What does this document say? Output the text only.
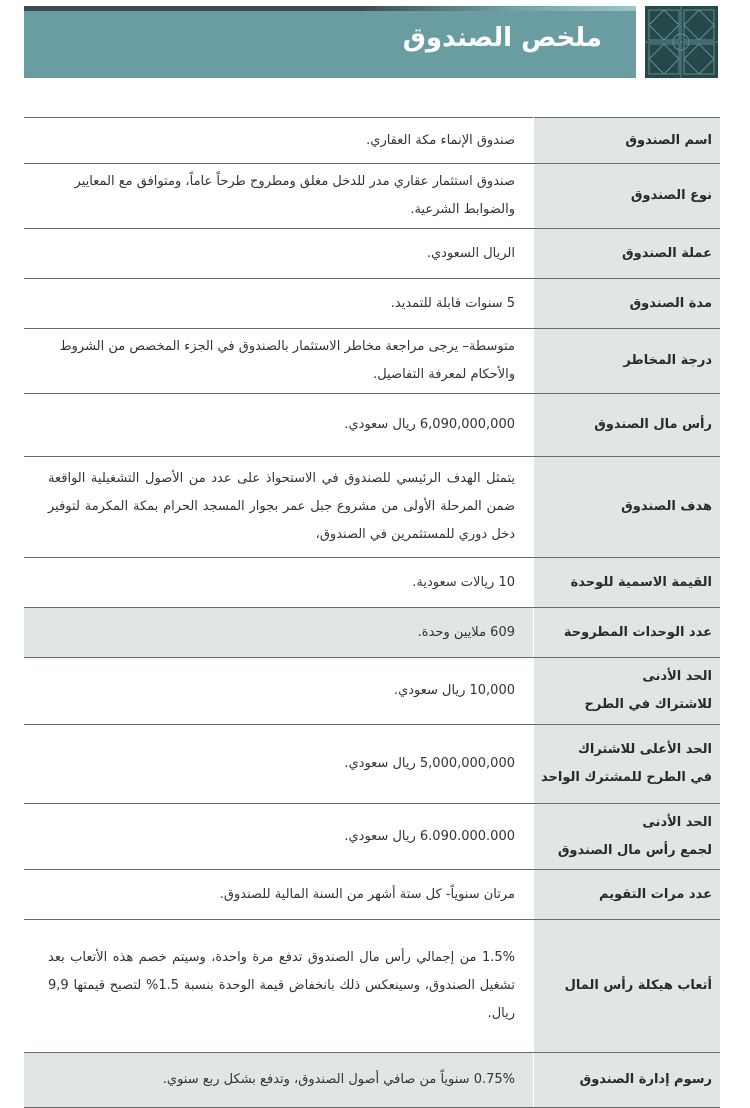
ملخص الصندوق
اسم الصندوق	صندوق الإنماء مكة العقاري.
نوع الصندوق	صندوق استثمار عقاري مدر للدخل مغلق ومطروح طرحاً عاماً، ومتوافق مع المعايير والضوابط الشرعية.
عملة الصندوق	الريال السعودي.
مدة الصندوق	5 سنوات قابلة للتمديد.
درجة المخاطر	متوسطة– يرجى مراجعة مخاطر الاستثمار بالصندوق في الجزء المخصص من الشروط والأحكام لمعرفة التفاصيل.
رأس مال الصندوق	6,090,000,000 ريال سعودي.
هدف الصندوق	يتمثل الهدف الرئيسي للصندوق في الاستحواذ على عدد من الأصول التشغيلية الواقعة ضمن المرحلة الأولى من مشروع جبل عمر بجوار المسجد الحرام بمكة المكرمة لتوفير دخل دوري للمستثمرين في الصندوق،
القيمة الاسمية للوحدة	10 ريالات سعودية.
عدد الوحدات المطروحة	609 ملايين وحدة.

الحد الأدنى
للاشتراك في الطرح	10,000 ريال سعودي.

الحد الأعلى للاشتراك
في الطرح للمشترك الواحد	5,000,000,000 ريال سعودي.

الحد الأدنى
لجمع رأس مال الصندوق	6.090.000.000 ريال سعودي.
عدد مرات التقويم	مرتان سنوياً- كل ستة أشهر من السنة المالية للصندوق.
أتعاب هيكلة رأس المال	1.5% من إجمالي رأس مال الصندوق تدفع مرة واحدة، وسيتم خصم هذه الأتعاب بعد تشغيل الصندوق، وسينعكس ذلك بانخفاض قيمة الوحدة بنسبة 1.5% لتصبح قيمتها 9,9 ريال.
رسوم إدارة الصندوق	0.75% سنوياً من صافي أصول الصندوق، وتدفع بشكل ربع سنوي.
